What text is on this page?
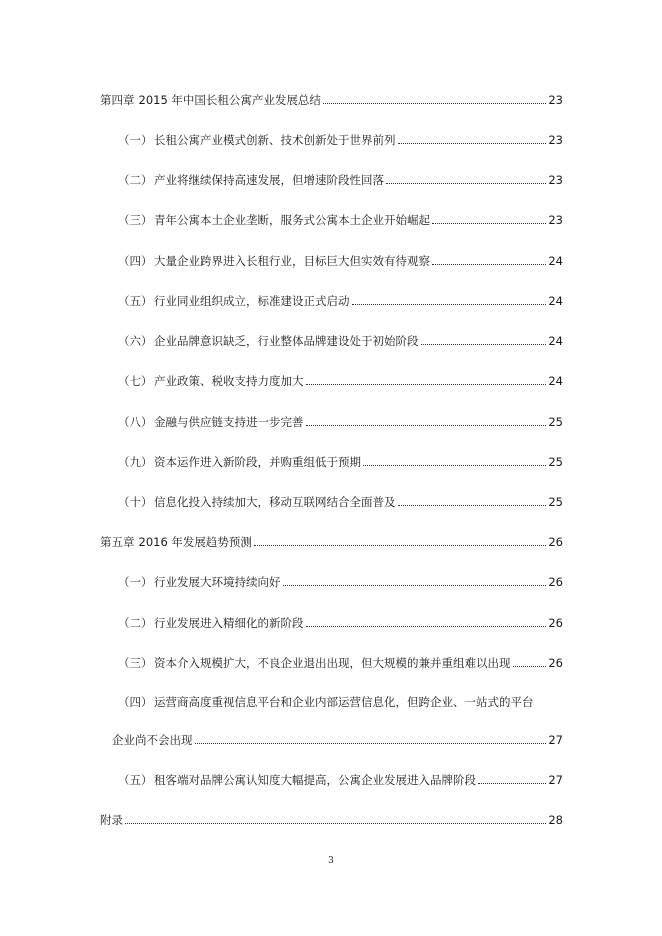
第四章 2015 年中国长租公寓产业发展总结	23
（一） 长租公寓产业模式创新、技术创新处于世界前列	23
（二） 产业将继续保持高速发展，但增速阶段性回落	23
（三） 青年公寓本土企业垄断，服务式公寓本土企业开始崛起	23
（四） 大量企业跨界进入长租行业，目标巨大但实效有待观察	24
（五） 行业同业组织成立，标准建设正式启动	24
（六） 企业品牌意识缺乏，行业整体品牌建设处于初始阶段	24
（七） 产业政策、税收支持力度加大	24
（八） 金融与供应链支持进一步完善	25
（九） 资本运作进入新阶段，并购重组低于预期	25
（十） 信息化投入持续加大，移动互联网结合全面普及	25
第五章 2016 年发展趋势预测	26
（一） 行业发展大环境持续向好	26
（二） 行业发展进入精细化的新阶段	26
（三） 资本介入规模扩大，不良企业退出出现，但大规模的兼并重组难以出现	26
（四） 运营商高度重视信息平台和企业内部运营信息化，但跨企业、一站式的平台
企业尚不会出现	27
（五） 租客端对品牌公寓认知度大幅提高，公寓企业发展进入品牌阶段	27
附录	28
3
